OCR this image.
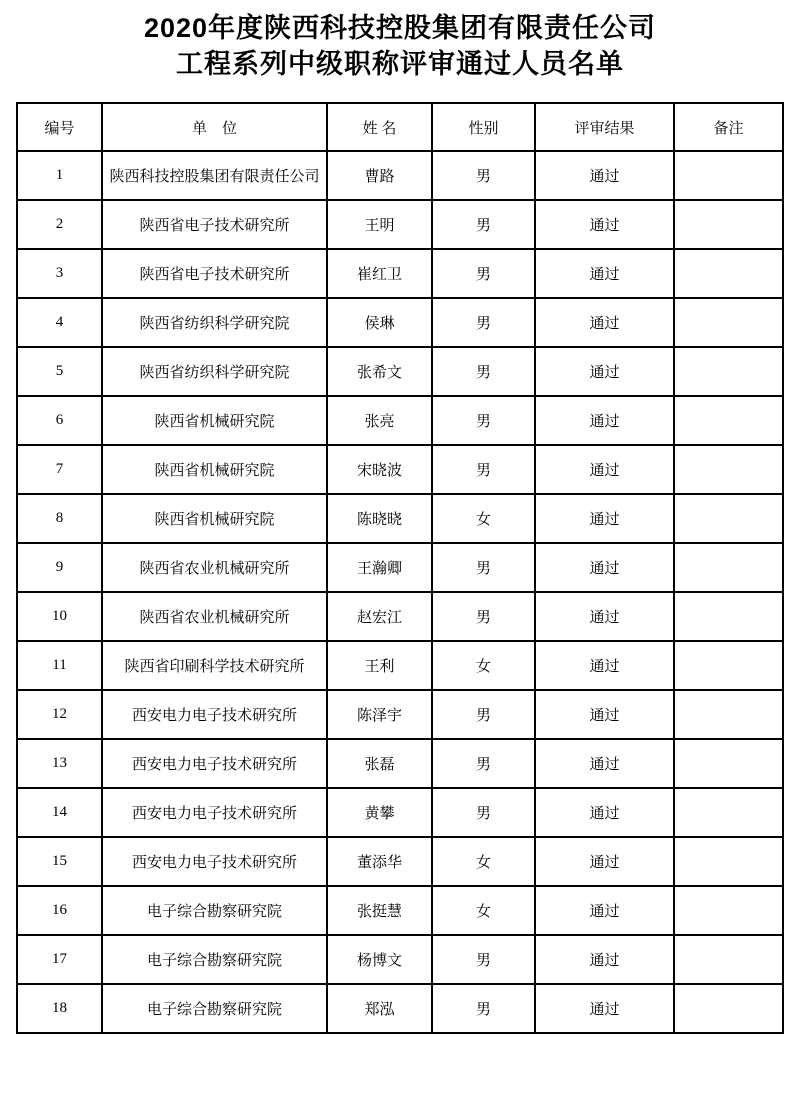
2020年度陕西科技控股集团有限责任公司
工程系列中级职称评审通过人员名单
编号	单　位	姓 名	性别	评审结果	备注
1	陕西科技控股集团有限责任公司	曹路	男	通过	
2	陕西省电子技术研究所	王明	男	通过	
3	陕西省电子技术研究所	崔红卫	男	通过	
4	陕西省纺织科学研究院	侯琳	男	通过	
5	陕西省纺织科学研究院	张希文	男	通过	
6	陕西省机械研究院	张亮	男	通过	
7	陕西省机械研究院	宋晓波	男	通过	
8	陕西省机械研究院	陈晓晓	女	通过	
9	陕西省农业机械研究所	王瀚卿	男	通过	
10	陕西省农业机械研究所	赵宏江	男	通过	
11	陕西省印刷科学技术研究所	王利	女	通过	
12	西安电力电子技术研究所	陈泽宇	男	通过	
13	西安电力电子技术研究所	张磊	男	通过	
14	西安电力电子技术研究所	黄攀	男	通过	
15	西安电力电子技术研究所	董添华	女	通过	
16	电子综合勘察研究院	张挺慧	女	通过	
17	电子综合勘察研究院	杨博文	男	通过	
18	电子综合勘察研究院	郑泓	男	通过	
